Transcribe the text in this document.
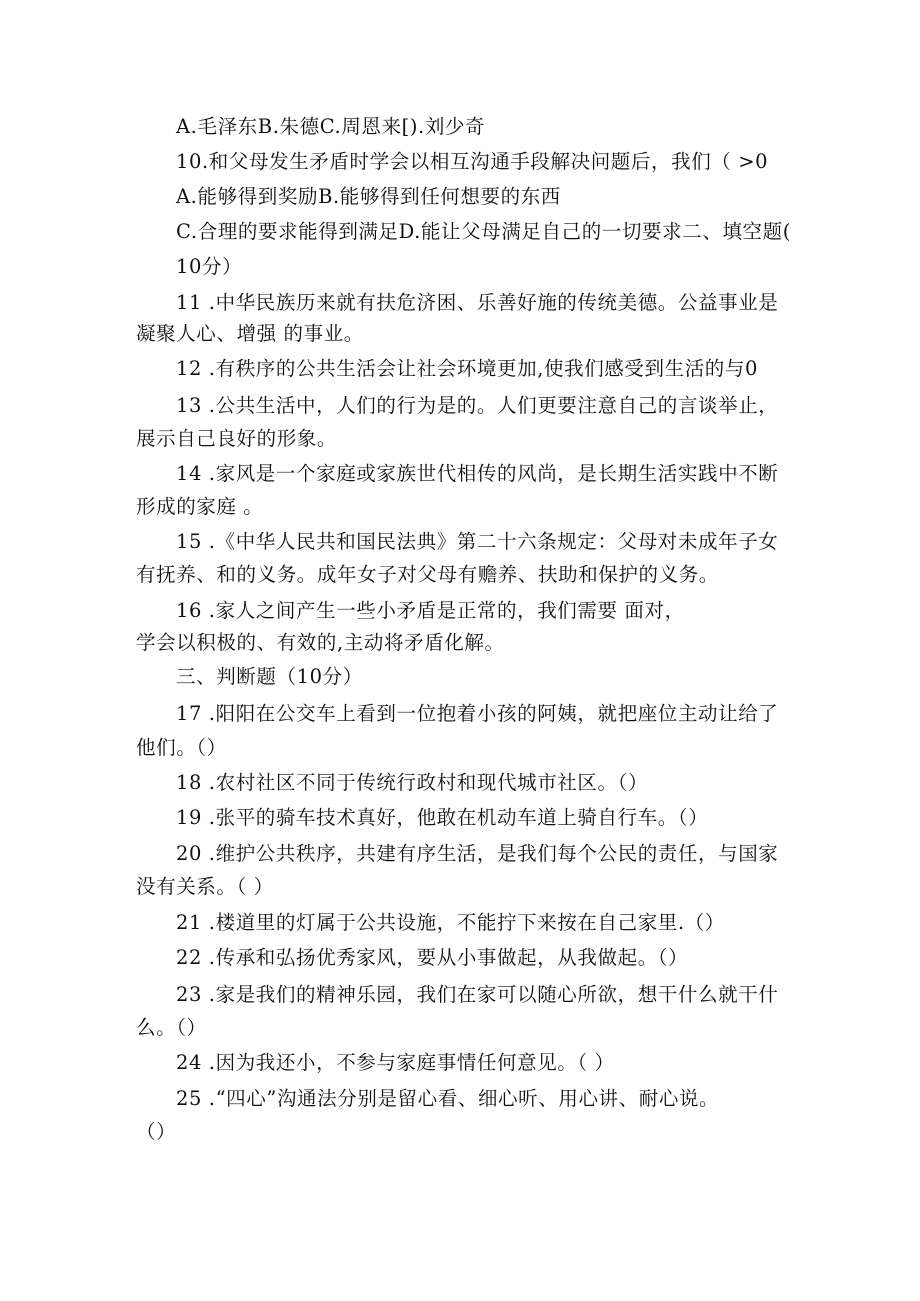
A.毛泽东B.朱德C.周恩来[).刘少奇
10.和父母发生矛盾时学会以相互沟通手段解决问题后，我们（ >0
A.能够得到奖励B.能够得到任何想要的东西
C.合理的要求能得到满足D.能让父母满足自己的一切要求二、填空题(
10分）
11 .中华民族历来就有扶危济困、乐善好施的传统美德。公益事业是
凝聚人心、增强 的事业。
12 .有秩序的公共生活会让社会环境更加,使我们感受到生活的与0
13 .公共生活中，人们的行为是的。人们更要注意自己的言谈举止，
展示自己良好的形象。
14 .家风是一个家庭或家族世代相传的风尚，是长期生活实践中不断
形成的家庭 。
15 .《中华人民共和国民法典》第二十六条规定：父母对未成年子女
有抚养、和的义务。成年女子对父母有赡养、扶助和保护的义务。
16 .家人之间产生一些小矛盾是正常的，我们需要 面对，
学会以积极的、有效的,主动将矛盾化解。
三、判断题（10分）
17 .阳阳在公交车上看到一位抱着小孩的阿姨，就把座位主动让给了
他们。（）
18 .农村社区不同于传统行政村和现代城市社区。（）
19 .张平的骑车技术真好，他敢在机动车道上骑自行车。（）
20 .维护公共秩序，共建有序生活，是我们每个公民的责任，与国家
没有关系。（ ）
21 .楼道里的灯属于公共设施，不能拧下来按在自己家里.（）
22 .传承和弘扬优秀家风，要从小事做起，从我做起。（）
23 .家是我们的精神乐园，我们在家可以随心所欲，想干什么就干什
么。（）
24 .因为我还小，不参与家庭事情任何意见。（ ）
25 .“四心”沟通法分别是留心看、细心听、用心讲、耐心说。
（）
